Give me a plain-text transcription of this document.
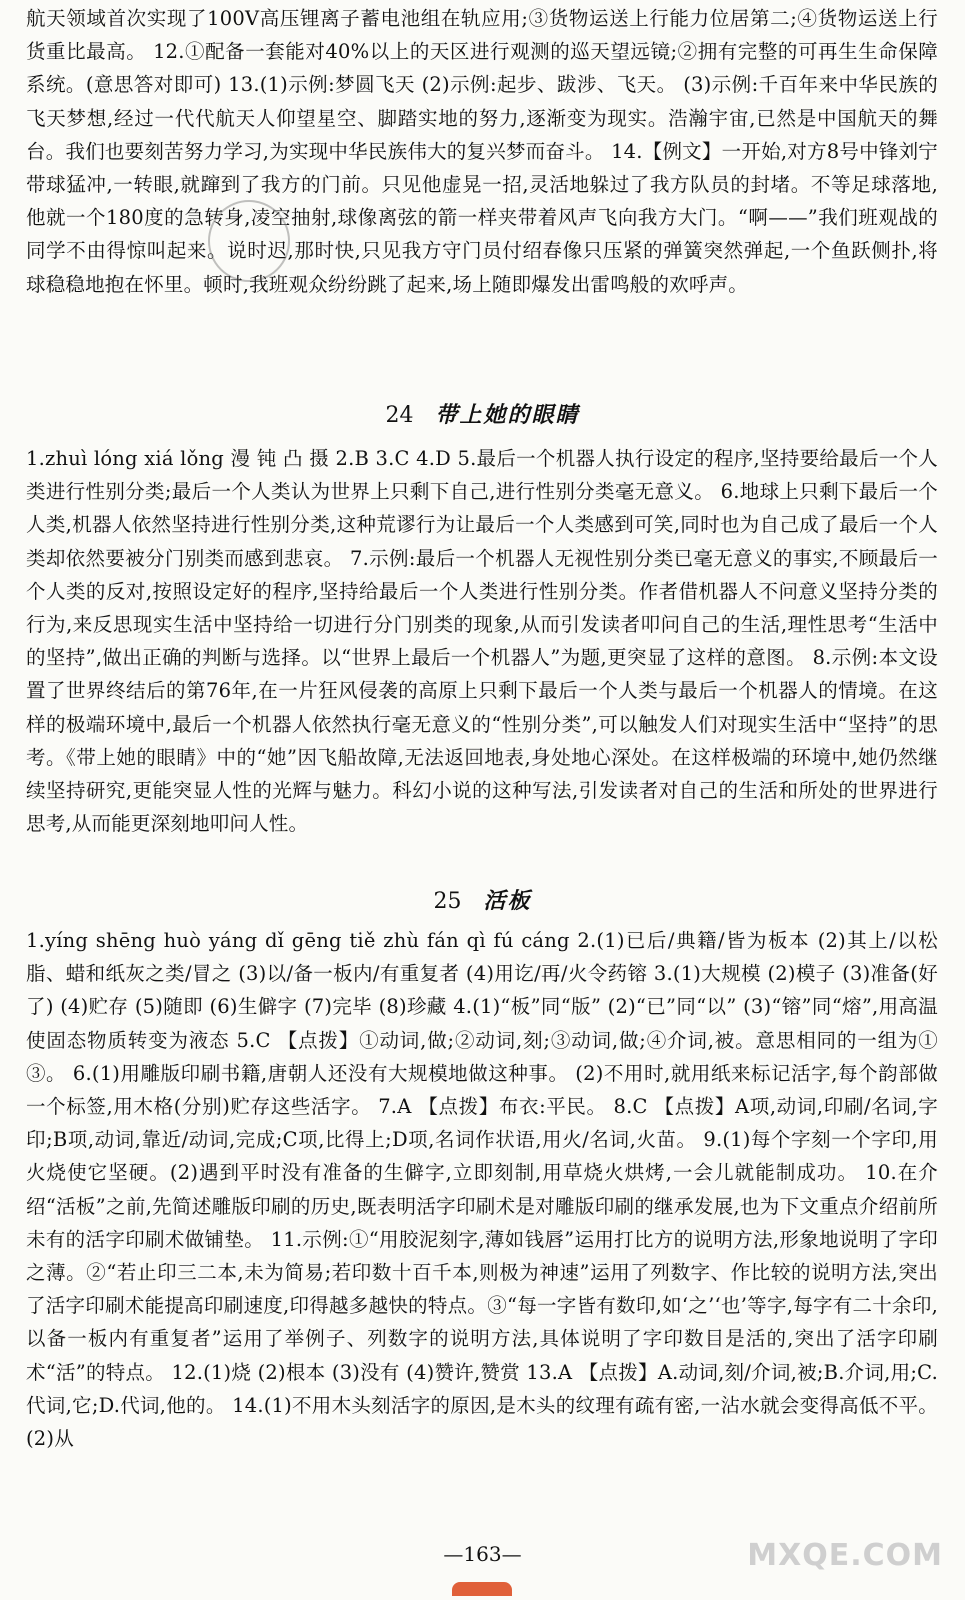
航天领域首次实现了100V高压锂离子蓄电池组在轨应用;③货物运送上行能力位居第二;④货物运送上行货重比最高。 12.①配备一套能对40%以上的天区进行观测的巡天望远镜;②拥有完整的可再生生命保障系统。(意思答对即可) 13.(1)示例:梦圆飞天 (2)示例:起步、跋涉、飞天。 (3)示例:千百年来中华民族的飞天梦想,经过一代代航天人仰望星空、脚踏实地的努力,逐渐变为现实。浩瀚宇宙,已然是中国航天的舞台。我们也要刻苦努力学习,为实现中华民族伟大的复兴梦而奋斗。 14.【例文】一开始,对方8号中锋刘宁带球猛冲,一转眼,就蹿到了我方的门前。只见他虚晃一招,灵活地躲过了我方队员的封堵。不等足球落地,他就一个180度的急转身,凌空抽射,球像离弦的箭一样夹带着风声飞向我方大门。“啊——”我们班观战的同学不由得惊叫起来。说时迟,那时快,只见我方守门员付绍春像只压紧的弹簧突然弹起,一个鱼跃侧扑,将球稳稳地抱在怀里。顿时,我班观众纷纷跳了起来,场上随即爆发出雷鸣般的欢呼声。

24 带上她的眼睛

1.zhuì lóng xiá lǒng 漫 钝 凸 摄 2.B 3.C 4.D 5.最后一个机器人执行设定的程序,坚持要给最后一个人类进行性别分类;最后一个人类认为世界上只剩下自己,进行性别分类毫无意义。 6.地球上只剩下最后一个人类,机器人依然坚持进行性别分类,这种荒谬行为让最后一个人类感到可笑,同时也为自己成了最后一个人类却依然要被分门别类而感到悲哀。 7.示例:最后一个机器人无视性别分类已毫无意义的事实,不顾最后一个人类的反对,按照设定好的程序,坚持给最后一个人类进行性别分类。作者借机器人不问意义坚持分类的行为,来反思现实生活中坚持给一切进行分门别类的现象,从而引发读者叩问自己的生活,理性思考“生活中的坚持”,做出正确的判断与选择。以“世界上最后一个机器人”为题,更突显了这样的意图。 8.示例:本文设置了世界终结后的第76年,在一片狂风侵袭的高原上只剩下最后一个人类与最后一个机器人的情境。在这样的极端环境中,最后一个机器人依然执行毫无意义的“性别分类”,可以触发人们对现实生活中“坚持”的思考。《带上她的眼睛》中的“她”因飞船故障,无法返回地表,身处地心深处。在这样极端的环境中,她仍然继续坚持研究,更能突显人性的光辉与魅力。科幻小说的这种写法,引发读者对自己的生活和所处的世界进行思考,从而能更深刻地叩问人性。

25 活板

1.yíng shēng huò yáng dǐ gēng tiě zhù fán qì fú cáng 2.(1)已后/典籍/皆为板本 (2)其上/以松脂、蜡和纸灰之类/冒之 (3)以/备一板内/有重复者 (4)用讫/再/火令药镕 3.(1)大规模 (2)模子 (3)准备(好了) (4)贮存 (5)随即 (6)生僻字 (7)完毕 (8)珍藏 4.(1)“板”同“版” (2)“已”同“以” (3)“镕”同“熔”,用高温使固态物质转变为液态 5.C 【点拨】①动词,做;②动词,刻;③动词,做;④介词,被。意思相同的一组为①③。 6.(1)用雕版印刷书籍,唐朝人还没有大规模地做这种事。 (2)不用时,就用纸来标记活字,每个韵部做一个标签,用木格(分别)贮存这些活字。 7.A 【点拨】布衣:平民。 8.C 【点拨】A项,动词,印刷/名词,字印;B项,动词,靠近/动词,完成;C项,比得上;D项,名词作状语,用火/名词,火苗。 9.(1)每个字刻一个字印,用火烧使它坚硬。(2)遇到平时没有准备的生僻字,立即刻制,用草烧火烘烤,一会儿就能制成功。 10.在介绍“活板”之前,先简述雕版印刷的历史,既表明活字印刷术是对雕版印刷的继承发展,也为下文重点介绍前所未有的活字印刷术做铺垫。 11.示例:①“用胶泥刻字,薄如钱唇”运用打比方的说明方法,形象地说明了字印之薄。②“若止印三二本,未为简易;若印数十百千本,则极为神速”运用了列数字、作比较的说明方法,突出了活字印刷术能提高印刷速度,印得越多越快的特点。③“每一字皆有数印,如‘之’‘也’等字,每字有二十余印,以备一板内有重复者”运用了举例子、列数字的说明方法,具体说明了字印数目是活的,突出了活字印刷术“活”的特点。 12.(1)烧 (2)根本 (3)没有 (4)赞许,赞赏 13.A 【点拨】A.动词,刻/介词,被;B.介词,用;C.代词,它;D.代词,他的。 14.(1)不用木头刻活字的原因,是木头的纹理有疏有密,一沾水就会变得高低不平。 (2)从

—163—	MXQE.COM
